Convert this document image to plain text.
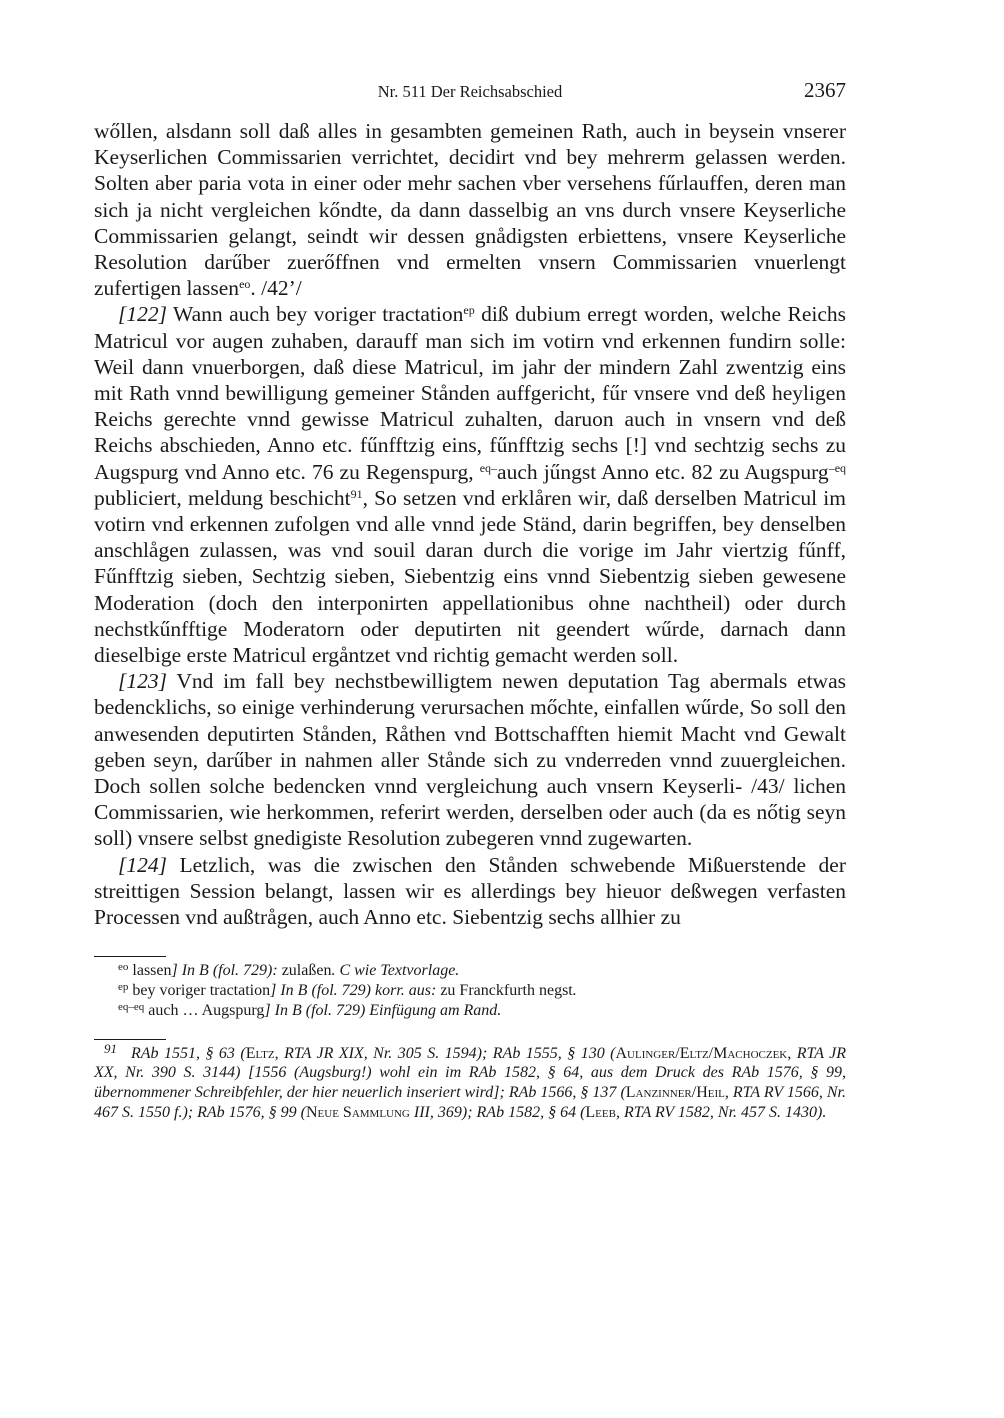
Nr. 511 Der Reichsabschied	2367

wőllen, alsdann soll daß alles in gesambten gemeinen Rath, auch in beysein vnserer Keyserlichen Commissarien verrichtet, decidirt vnd bey mehrerm gelassen werden. Solten aber paria vota in einer oder mehr sachen vber versehens fűrlauffen, deren man sich ja nicht vergleichen kőndte, da dann dasselbig an vns durch vnsere Keyserliche Commissarien gelangt, seindt wir dessen gnådigsten erbiettens, vnsere Keyserliche Resolution darűber zuerőffnen vnd ermelten vnsern Commissarien vnuerlengt zufertigen lassen$^{eo}$. /42’/

[122] Wann auch bey voriger tractation$^{ep}$ diß dubium erregt worden, welche Reichs Matricul vor augen zuhaben, darauff man sich im votirn vnd erkennen fundirn solle: Weil dann vnuerborgen, daß diese Matricul, im jahr der mindern Zahl zwentzig eins mit Rath vnnd bewilligung gemeiner Stånden auffgericht, fűr vnsere vnd deß heyligen Reichs gerechte vnnd gewisse Matricul zuhalten, daruon auch in vnsern vnd deß Reichs abschieden, Anno etc. fűnfftzig eins, fűnfftzig sechs [!] vnd sechtzig sechs zu Augspurg vnd Anno etc. 76 zu Regenspurg, $^{eq-}$auch jűngst Anno etc. 82 zu Augspurg$^{-eq}$ publiciert, meldung beschicht$^{91}$, So setzen vnd erklåren wir, daß derselben Matricul im votirn vnd erkennen zufolgen vnd alle vnnd jede Ständ, darin begriffen, bey denselben anschlågen zulassen, was vnd souil daran durch die vorige im Jahr viertzig fűnff, Fűnfftzig sieben, Sechtzig sieben, Siebentzig eins vnnd Siebentzig sieben gewesene Moderation (doch den interponirten appellationibus ohne nachtheil) oder durch nechstkűnfftige Moderatorn oder deputirten nit geendert wűrde, darnach dann dieselbige erste Matricul ergåntzet vnd richtig gemacht werden soll.

[123] Vnd im fall bey nechstbewilligtem newen deputation Tag abermals etwas bedencklichs, so einige verhinderung verursachen mőchte, einfallen wűrde, So soll den anwesenden deputirten Stånden, Råthen vnd Bottschafften hiemit Macht vnd Gewalt geben seyn, darűber in nahmen aller Stånde sich zu vnderreden vnnd zuuergleichen. Doch sollen solche bedencken vnnd vergleichung auch vnsern Keyserli- /43/ lichen Commissarien, wie herkommen, referirt werden, derselben oder auch (da es nőtig seyn soll) vnsere selbst gnedigiste Resolution zubegeren vnnd zugewarten.

[124] Letzlich, was die zwischen den Stånden schwebende Mißuerstende der streittigen Session belangt, lassen wir es allerdings bey hieuor deßwegen verfasten Processen vnd außtrågen, auch Anno etc. Siebentzig sechs allhier zu

$^{eo}$ lassen] In B (fol. 729): zulaßen. C wie Textvorlage.

$^{ep}$ bey voriger tractation] In B (fol. 729) korr. aus: zu Franckfurth negst.

$^{eq-eq}$ auch … Augspurg] In B (fol. 729) Einfügung am Rand.

$^{91}$ RAb 1551, § 63 (Eltz, RTA JR XIX, Nr. 305 S. 1594); RAb 1555, § 130 (Aulinger/Eltz/Machoczek, RTA JR XX, Nr. 390 S. 3144) [1556 (Augsburg!) wohl ein im RAb 1582, § 64, aus dem Druck des RAb 1576, § 99, übernommener Schreibfehler, der hier neuerlich inseriert wird]; RAb 1566, § 137 (Lanzinner/Heil, RTA RV 1566, Nr. 467 S. 1550 f.); RAb 1576, § 99 (Neue Sammlung III, 369); RAb 1582, § 64 (Leeb, RTA RV 1582, Nr. 457 S. 1430).
